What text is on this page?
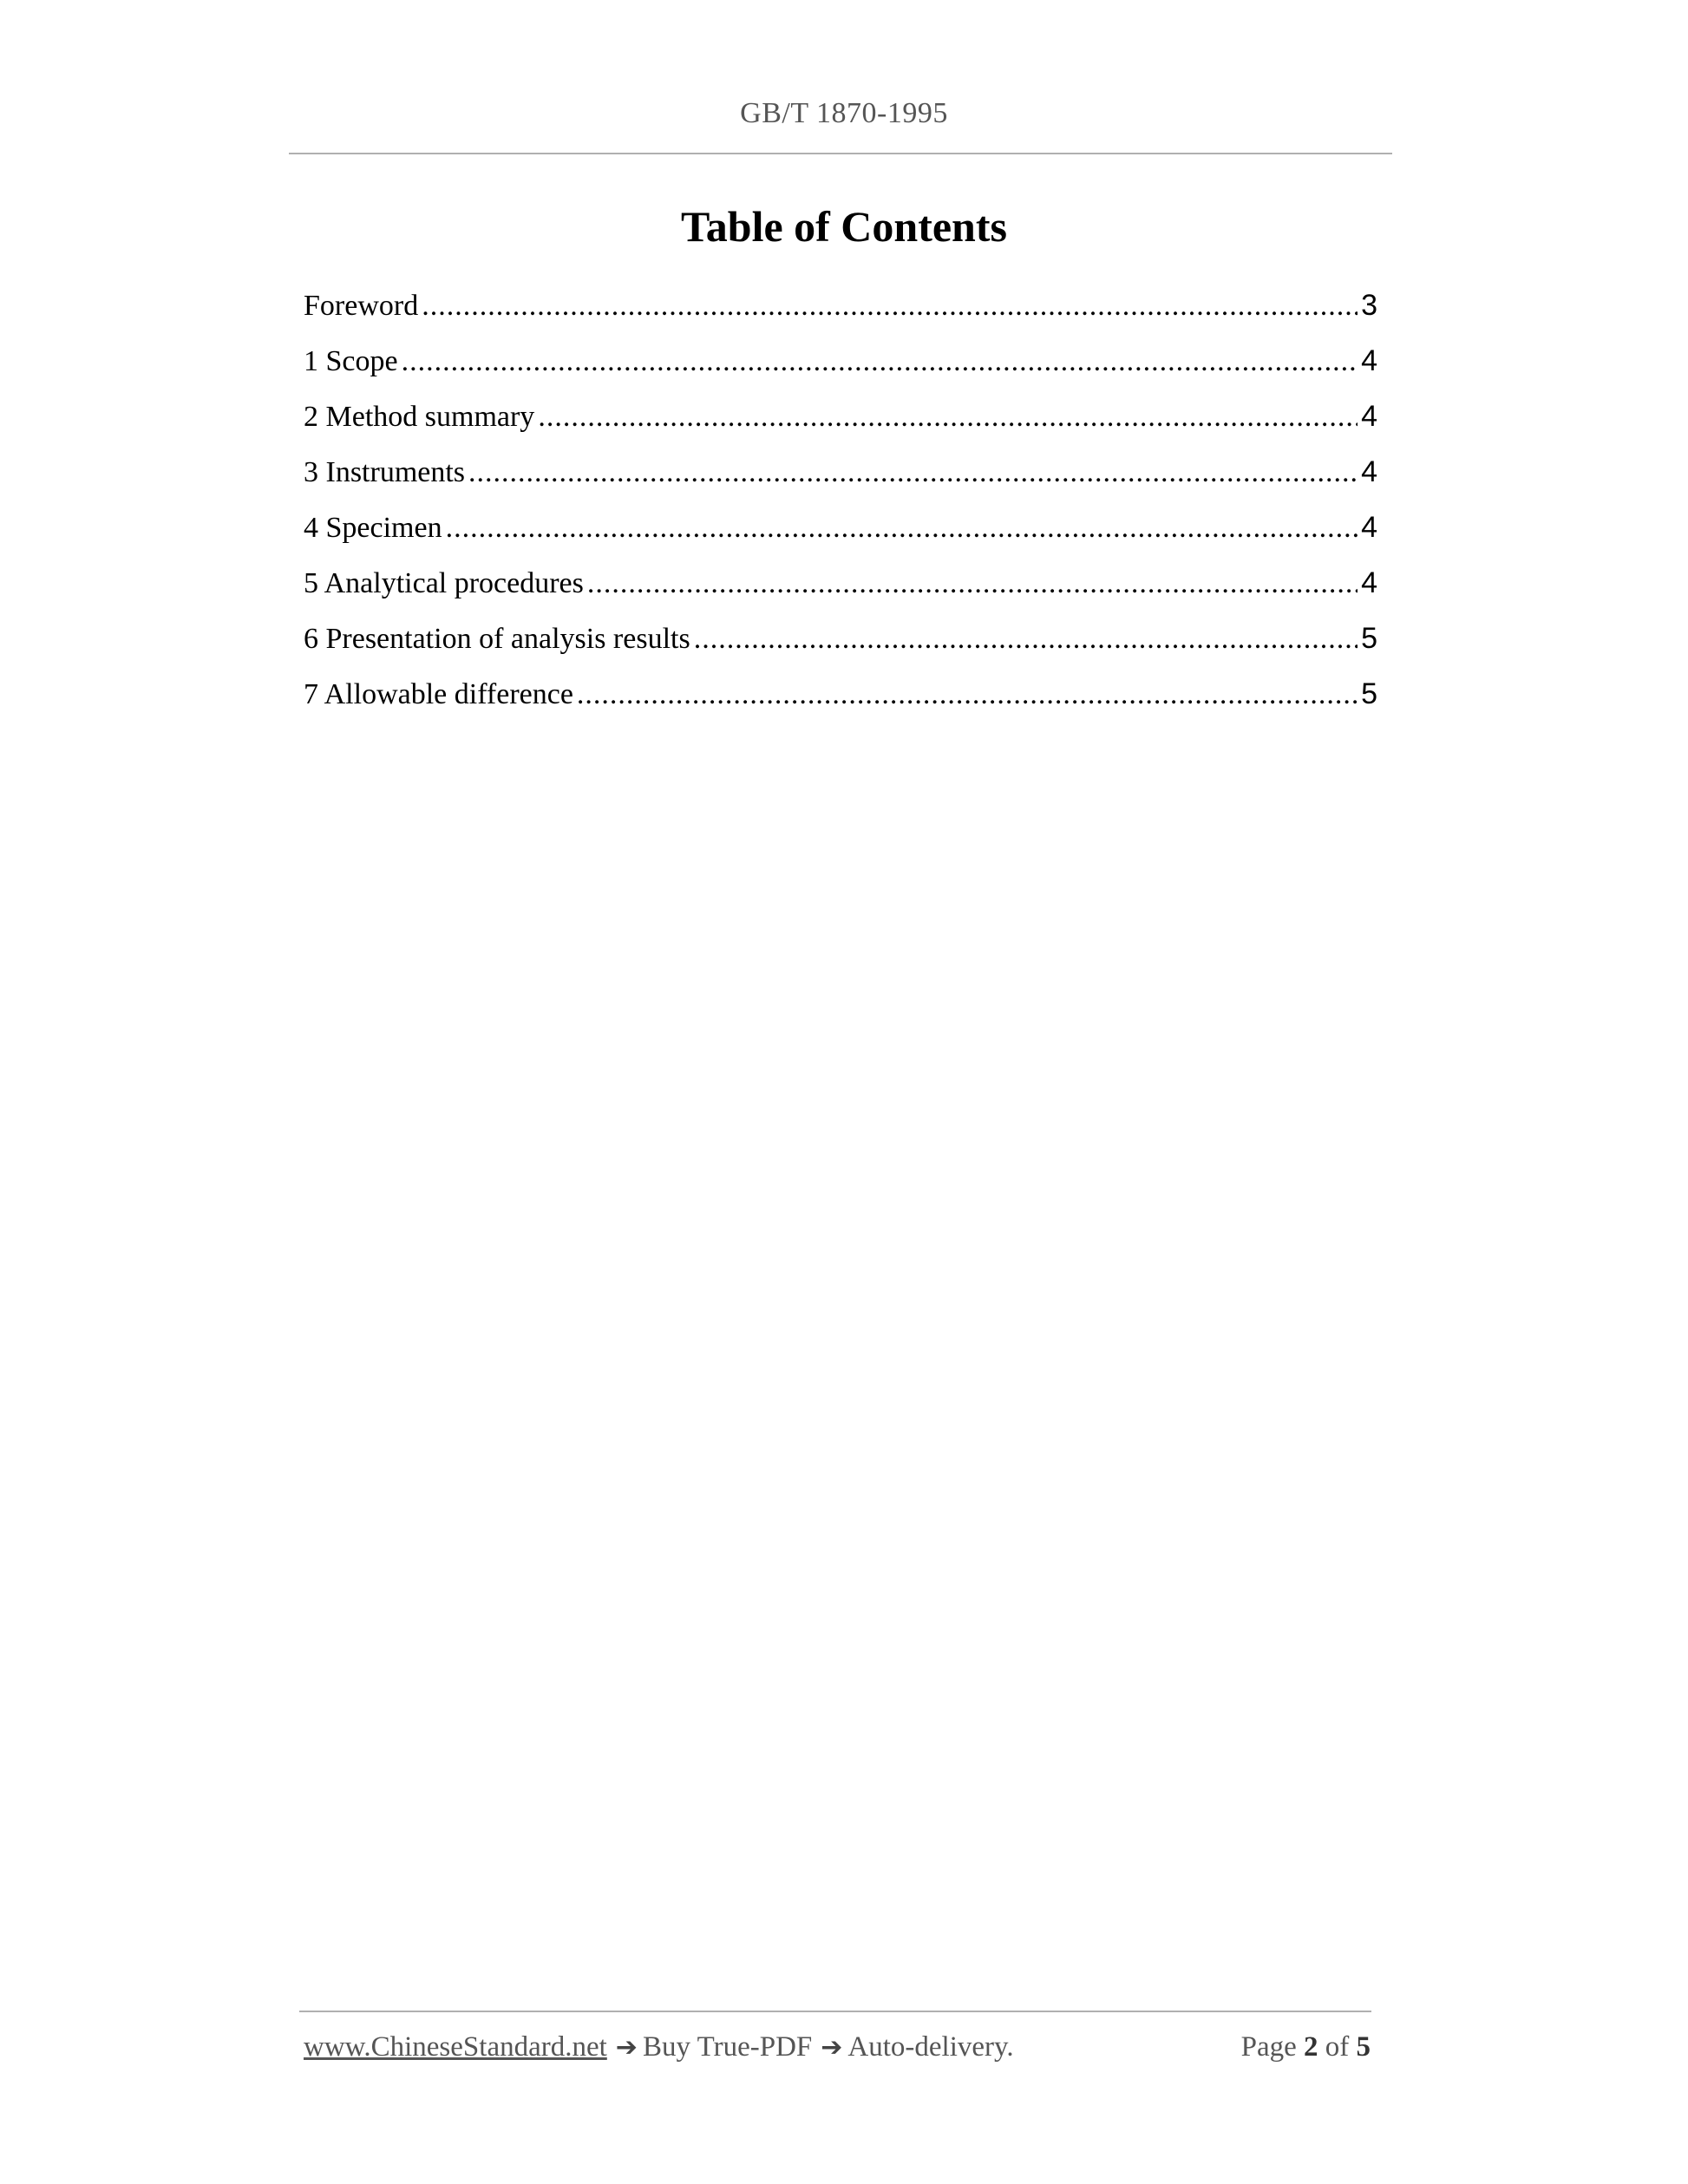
GB/T 1870-1995
Table of Contents
Foreword .....	3
1 Scope .....	4
2 Method summary .....	4
3 Instruments .....	4
4 Specimen .....	4
5 Analytical procedures .....	4
6 Presentation of analysis results .....	5
7 Allowable difference .....	5
www.ChineseStandard.net ➔ Buy True-PDF ➔ Auto-delivery.	Page 2 of 5
